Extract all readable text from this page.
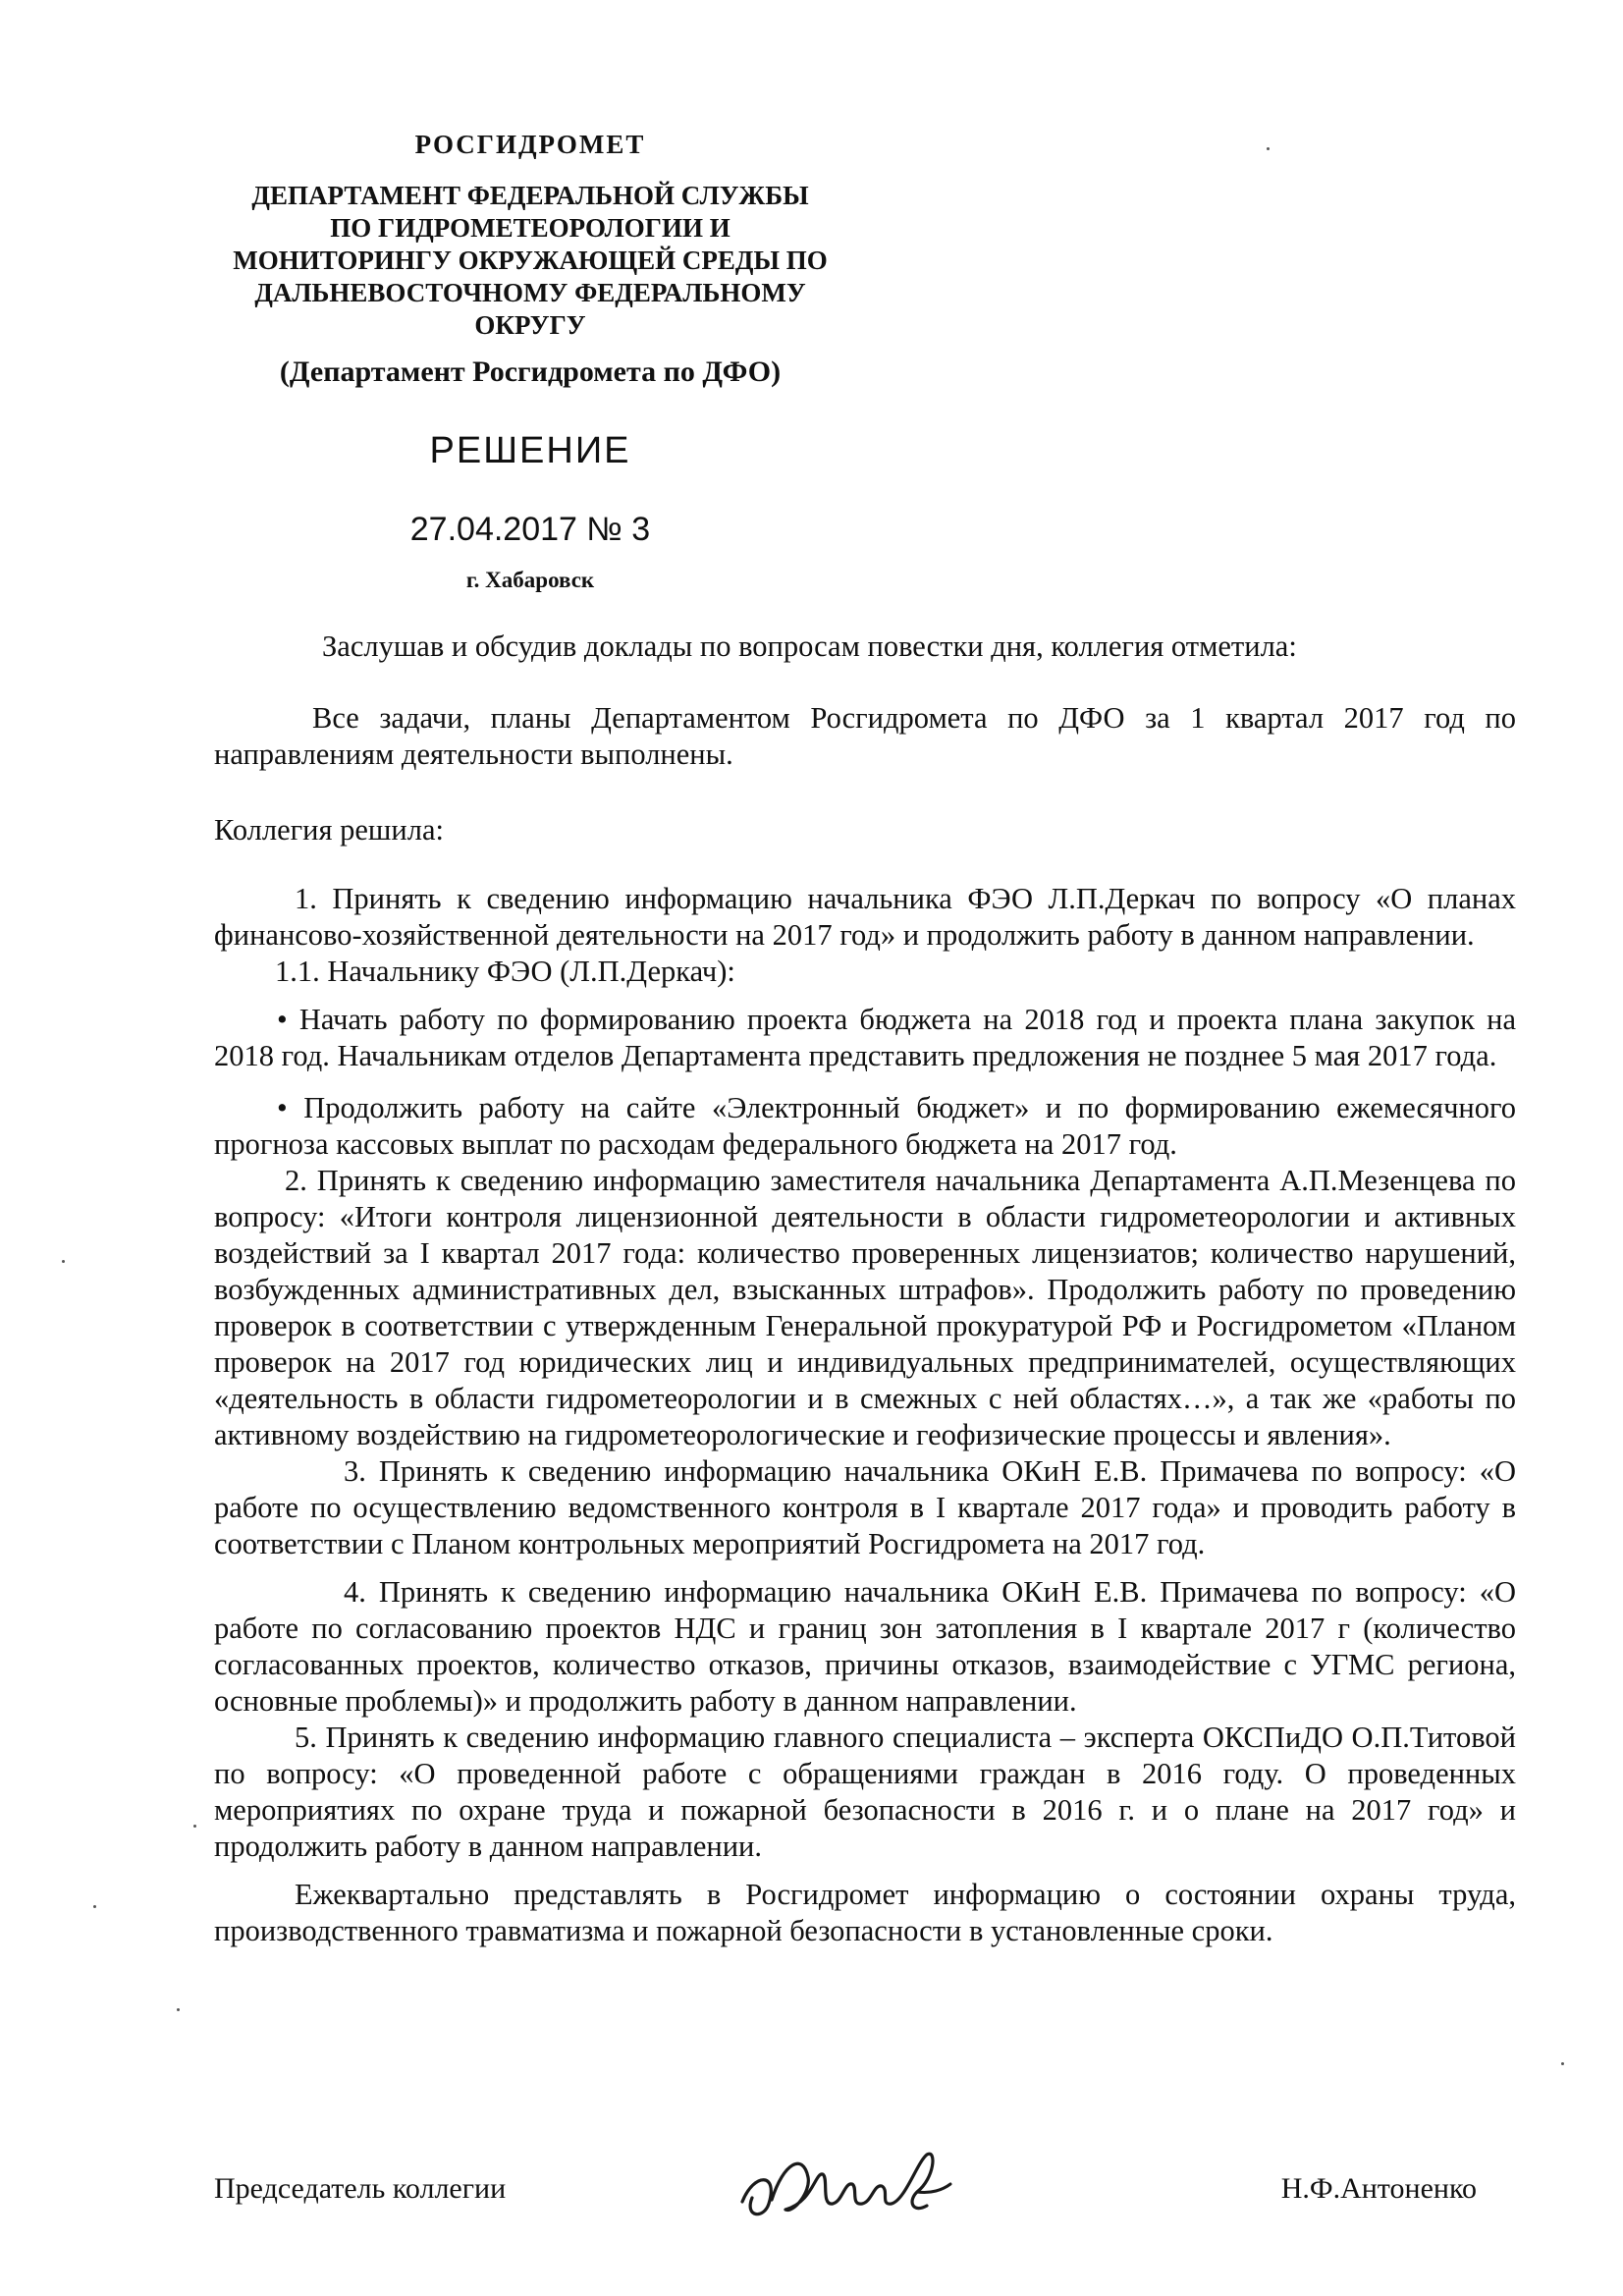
РОСГИДРОМЕТ
ДЕПАРТАМЕНТ ФЕДЕРАЛЬНОЙ СЛУЖБЫ
ПО ГИДРОМЕТЕОРОЛОГИИ И
МОНИТОРИНГУ ОКРУЖАЮЩЕЙ СРЕДЫ ПО
ДАЛЬНЕВОСТОЧНОМУ ФЕДЕРАЛЬНОМУ
ОКРУГУ
(Департамент Росгидромета по ДФО)
РЕШЕНИЕ
27.04.2017 № 3
г. Хабаровск

Заслушав и обсудив доклады по вопросам повестки дня, коллегия отметила:

Все задачи, планы Департаментом Росгидромета по ДФО за 1 квартал 2017 год по направлениям деятельности выполнены.

Коллегия решила:

1. Принять к сведению информацию начальника ФЭО Л.П.Деркач по вопросу «О планах финансово-хозяйственной деятельности на 2017 год» и продолжить работу в данном направлении.

1.1. Начальнику ФЭО (Л.П.Деркач):

• Начать работу по формированию проекта бюджета на 2018 год и проекта плана закупок на 2018 год. Начальникам отделов Департамента представить предложения не позднее 5 мая 2017 года.

• Продолжить работу на сайте «Электронный бюджет» и по формированию ежемесячного прогноза кассовых выплат по расходам федерального бюджета на 2017 год.

2. Принять к сведению информацию заместителя начальника Департамента А.П.Мезенцева по вопросу: «Итоги контроля лицензионной деятельности в области гидрометеорологии и активных воздействий за I квартал 2017 года: количество проверенных лицензиатов; количество нарушений, возбужденных административных дел, взысканных штрафов». Продолжить работу по проведению проверок в соответствии с утвержденным Генеральной прокуратурой РФ и Росгидрометом «Планом проверок на 2017 год юридических лиц и индивидуальных предпринимателей, осуществляющих «деятельность в области гидрометеорологии и в смежных с ней областях…», а так же «работы по активному воздействию на гидрометеорологические и геофизические процессы и явления».

3. Принять к сведению информацию начальника ОКиН Е.В. Примачева по вопросу: «О работе по осуществлению ведомственного контроля в I квартале 2017 года» и проводить работу в соответствии с Планом контрольных мероприятий Росгидромета на 2017 год.

4. Принять к сведению информацию начальника ОКиН Е.В. Примачева по вопросу: «О работе по согласованию проектов НДС и границ зон затопления в I квартале 2017 г (количество согласованных проектов, количество отказов, причины отказов, взаимодействие с УГМС региона, основные проблемы)» и продолжить работу в данном направлении.

5. Принять к сведению информацию главного специалиста – эксперта ОКСПиДО О.П.Титовой по вопросу: «О проведенной работе с обращениями граждан в 2016 году. О проведенных мероприятиях по охране труда и пожарной безопасности в 2016 г. и о плане на 2017 год» и продолжить работу в данном направлении.

Ежеквартально представлять в Росгидромет информацию о состоянии охраны труда, производственного травматизма и пожарной безопасности в установленные сроки.

Председатель коллегии	Н.Ф.Антоненко
